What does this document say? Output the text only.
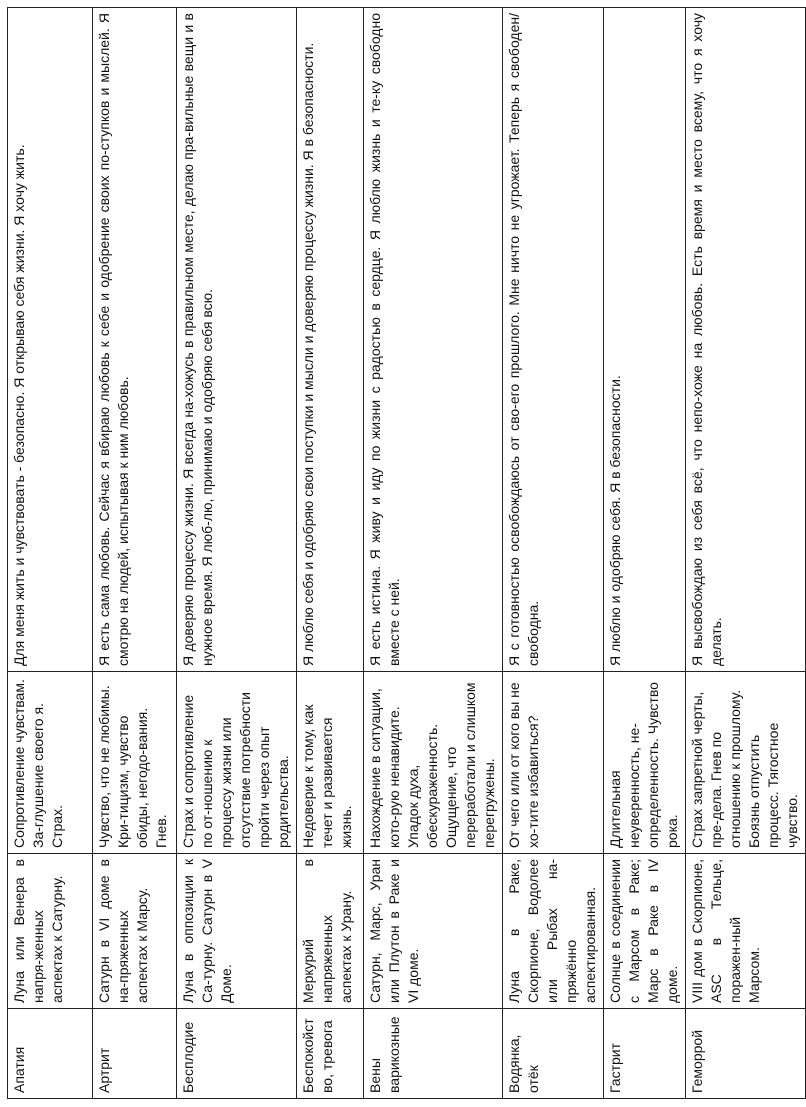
Апатия	Луна или Венера в напря-женных аспектах к Сатурну.	Сопротивление чувствам. За-глушение своего я. Страх.	Для меня жить и чувствовать - безопасно. Я открываю себя жизни. Я хочу жить.
Артрит	Сатурн в VI доме в на-пряженных аспектах к Марсу.	Чувство, что не любимы. Кри-тицизм, чувство обиды, негодо-вания. Гнев.	Я есть сама любовь. Сейчас я вбираю любовь к себе и одобрение своих по-ступков и мыслей. Я смотрю на людей, испытывая к ним любовь.
Бесплодие	Луна в оппозиции к Са-турну. Сатурн в V Доме.	Страх и сопротивление по от-ношению к процессу жизни или отсутствие потребности пройти через опыт родительства.	Я доверяю процессу жизни. Я всегда на-хожусь в правильном месте, делаю пра-вильные вещи и в нужное время. Я люб-лю, принимаю и одобряю себя всю.
Беспокойство, тревога	Меркурий в напряженных аспектах к Урану.	Недоверие к тому, как течет и развивается жизнь.	Я люблю себя и одобряю свои поступки и мысли и доверяю процессу жизни. Я в безопасности.
Вены варикозные	Сатурн, Марс, Уран или Плутон в Раке и VI доме.	Нахождение в ситуации, кото-рую ненавидите. Упадок духа, обескураженность. Ощущение, что переработали и слишком перегружены.	Я есть истина. Я живу и иду по жизни с радостью в сердце. Я люблю жизнь и те-ку свободно вместе с ней.
Водянка, отёк	Луна в Раке, Скорпионе, Водолее или Рыбах на-пряжённо аспектированная.	От чего или от кого вы не хо-тите избавиться?	Я с готовностью освобождаюсь от сво-его прошлого. Мне ничто не угрожает. Теперь я свободен/свободна.
Гастрит	Солнце в соединении с Марсом в Раке; Марс в Раке в IV доме.	Длительная неуверенность, не-определенность. Чувство рока.	Я люблю и одобряю себя. Я в безопасности.
Геморрой	VIII дом в Скорпионе, ASC в Тельце, поражен-ный Марсом.	Страх запретной черты, пре-дела. Гнев по отношению к прошлому. Боязнь отпустить процесс. Тягостное чувство.	Я высвобождаю из себя всё, что непо-хоже на любовь. Есть время и место всему, что я хочу делать.
